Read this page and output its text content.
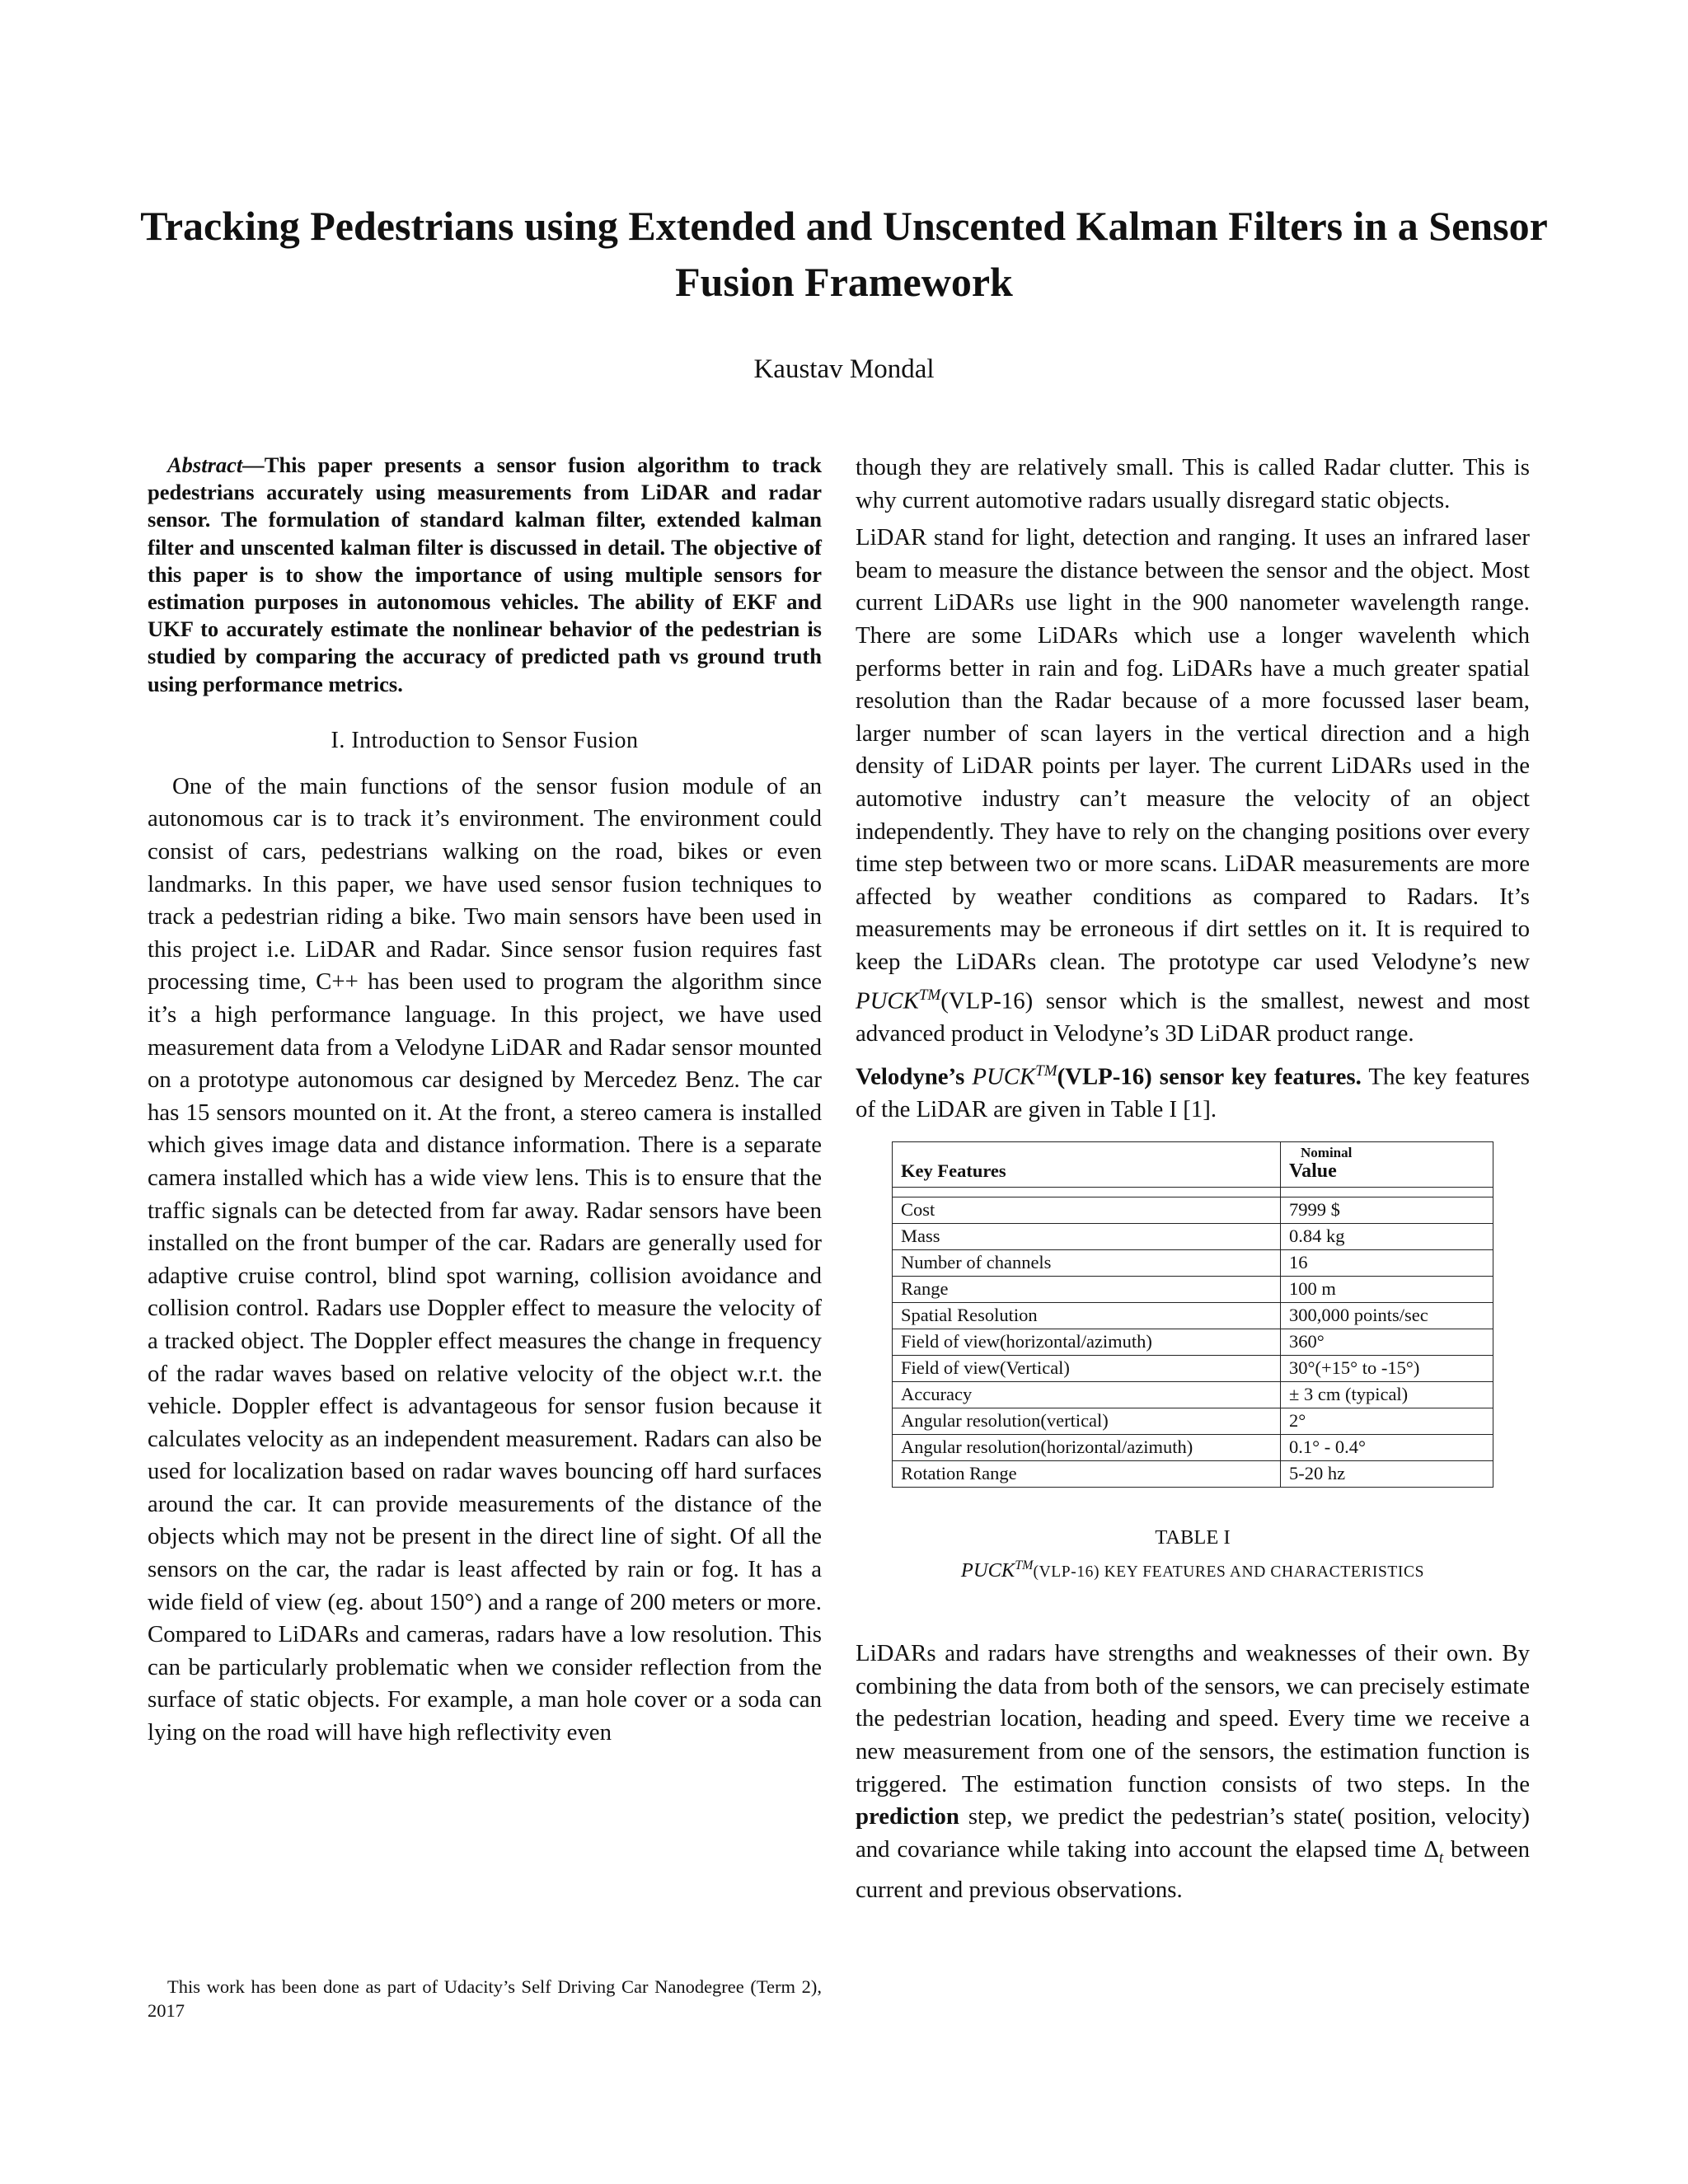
Tracking Pedestrians using Extended and Unscented Kalman Filters in a Sensor Fusion Framework
Kaustav Mondal

Abstract—This paper presents a sensor fusion algorithm to track pedestrians accurately using measurements from LiDAR and radar sensor. The formulation of standard kalman filter, extended kalman filter and unscented kalman filter is discussed in detail. The objective of this paper is to show the importance of using multiple sensors for estimation purposes in autonomous vehicles. The ability of EKF and UKF to accurately estimate the nonlinear behavior of the pedestrian is studied by comparing the accuracy of predicted path vs ground truth using performance metrics.

I. Introduction to Sensor Fusion

One of the main functions of the sensor fusion module of an autonomous car is to track it’s environment. The environment could consist of cars, pedestrians walking on the road, bikes or even landmarks. In this paper, we have used sensor fusion techniques to track a pedestrian riding a bike. Two main sensors have been used in this project i.e. LiDAR and Radar. Since sensor fusion requires fast processing time, C++ has been used to program the algorithm since it’s a high performance language. In this project, we have used measurement data from a Velodyne LiDAR and Radar sensor mounted on a prototype autonomous car designed by Mercedez Benz. The car has 15 sensors mounted on it. At the front, a stereo camera is installed which gives image data and distance information. There is a separate camera installed which has a wide view lens. This is to ensure that the traffic signals can be detected from far away. Radar sensors have been installed on the front bumper of the car. Radars are generally used for adaptive cruise control, blind spot warning, collision avoidance and collision control. Radars use Doppler effect to measure the velocity of a tracked object. The Doppler effect measures the change in frequency of the radar waves based on relative velocity of the object w.r.t. the vehicle. Doppler effect is advantageous for sensor fusion because it calculates velocity as an independent measurement. Radars can also be used for localization based on radar waves bouncing off hard surfaces around the car. It can provide measurements of the distance of the objects which may not be present in the direct line of sight. Of all the sensors on the car, the radar is least affected by rain or fog. It has a wide field of view (eg. about 150°) and a range of 200 meters or more. Compared to LiDARs and cameras, radars have a low resolution. This can be particularly problematic when we consider reflection from the surface of static objects. For example, a man hole cover or a soda can lying on the road will have high reflectivity even

This work has been done as part of Udacity’s Self Driving Car Nanodegree (Term 2), 2017

though they are relatively small. This is called Radar clutter. This is why current automotive radars usually disregard static objects.

LiDAR stand for light, detection and ranging. It uses an infrared laser beam to measure the distance between the sensor and the object. Most current LiDARs use light in the 900 nanometer wavelength range. There are some LiDARs which use a longer wavelenth which performs better in rain and fog. LiDARs have a much greater spatial resolution than the Radar because of a more focussed laser beam, larger number of scan layers in the vertical direction and a high density of LiDAR points per layer. The current LiDARs used in the automotive industry can’t measure the velocity of an object independently. They have to rely on the changing positions over every time step between two or more scans. LiDAR measurements are more affected by weather conditions as compared to Radars. It’s measurements may be erroneous if dirt settles on it. It is required to keep the LiDARs clean. The prototype car used Velodyne’s new PUCK™(VLP-16) sensor which is the smallest, newest and most advanced product in Velodyne’s 3D LiDAR product range.

Velodyne’s PUCK™(VLP-16) sensor key features. The key features of the LiDAR are given in Table I [1].

Key Features	Nominal
Value

Cost	7999 $
Mass	0.84 kg
Number of channels	16
Range	100 m
Spatial Resolution	300,000 points/sec
Field of view(horizontal/azimuth)	360°
Field of view(Vertical)	30°(+15° to -15°)
Accuracy	± 3 cm (typical)
Angular resolution(vertical)	2°
Angular resolution(horizontal/azimuth)	0.1° - 0.4°
Rotation Range	5-20 hz
TABLE I
PUCK™(VLP-16) KEY FEATURES AND CHARACTERISTICS

LiDARs and radars have strengths and weaknesses of their own. By combining the data from both of the sensors, we can precisely estimate the pedestrian location, heading and speed. Every time we receive a new measurement from one of the sensors, the estimation function is triggered. The estimation function consists of two steps. In the prediction step, we predict the pedestrian’s state( position, velocity) and covariance while taking into account the elapsed time $\Delta_t$ between current and previous observations.
